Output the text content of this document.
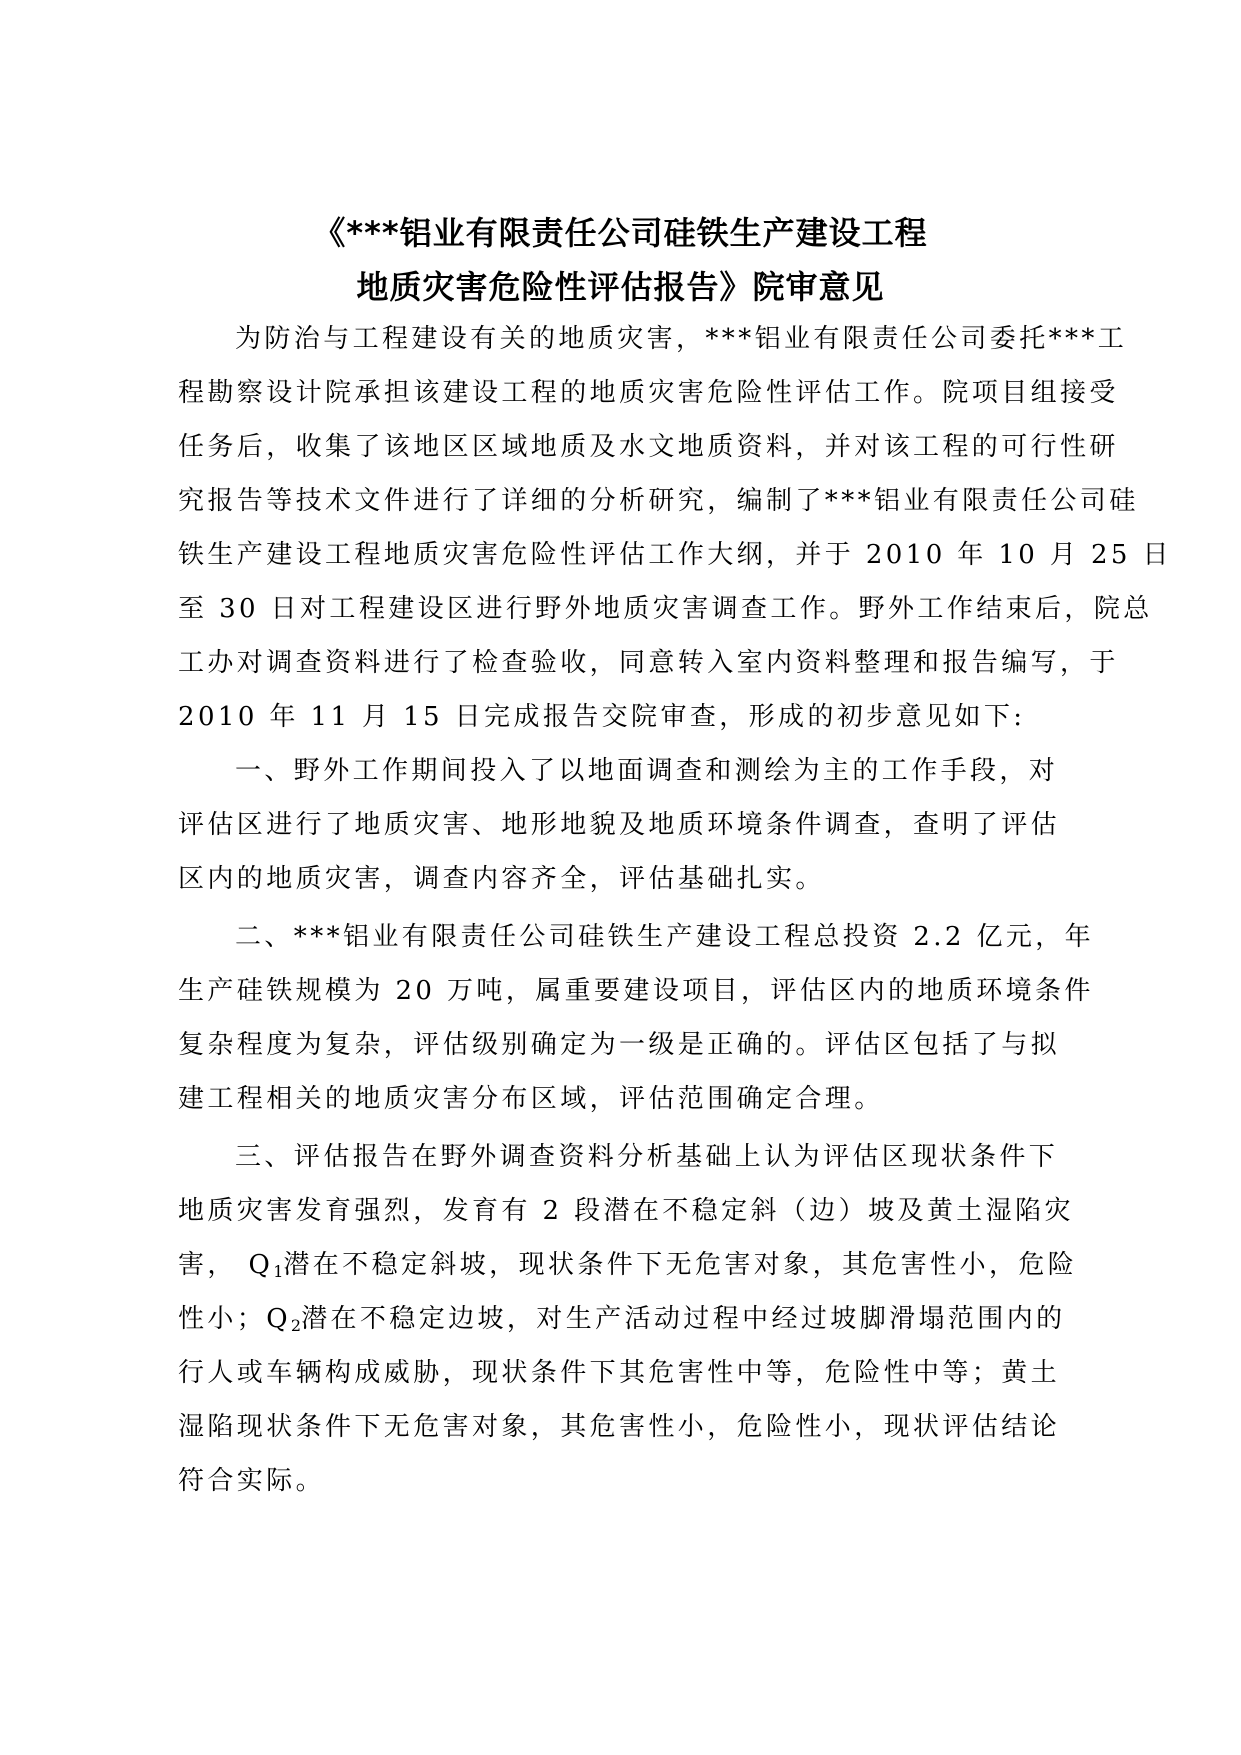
《***铝业有限责任公司硅铁生产建设工程
地质灾害危险性评估报告》院审意见
为防治与工程建设有关的地质灾害，***铝业有限责任公司委托***工
程勘察设计院承担该建设工程的地质灾害危险性评估工作。院项目组接受
任务后，收集了该地区区域地质及水文地质资料，并对该工程的可行性研
究报告等技术文件进行了详细的分析研究，编制了***铝业有限责任公司硅
铁生产建设工程地质灾害危险性评估工作大纲，并于 2010 年 10 月 25 日
至 30 日对工程建设区进行野外地质灾害调查工作。野外工作结束后，院总
工办对调查资料进行了检查验收，同意转入室内资料整理和报告编写，于
2010 年 11 月 15 日完成报告交院审查，形成的初步意见如下:
一、野外工作期间投入了以地面调查和测绘为主的工作手段，对
评估区进行了地质灾害、地形地貌及地质环境条件调查，查明了评估
区内的地质灾害，调查内容齐全，评估基础扎实。
二、***铝业有限责任公司硅铁生产建设工程总投资 2.2 亿元，年
生产硅铁规模为 20 万吨，属重要建设项目，评估区内的地质环境条件
复杂程度为复杂，评估级别确定为一级是正确的。评估区包括了与拟
建工程相关的地质灾害分布区域，评估范围确定合理。
三、评估报告在野外调查资料分析基础上认为评估区现状条件下
地质灾害发育强烈，发育有 2 段潜在不稳定斜（边）坡及黄土湿陷灾
害， $Q_1$潜在不稳定斜坡，现状条件下无危害对象，其危害性小，危险
性小；$Q_2$潜在不稳定边坡，对生产活动过程中经过坡脚滑塌范围内的
行人或车辆构成威胁，现状条件下其危害性中等，危险性中等；黄土
湿陷现状条件下无危害对象，其危害性小，危险性小，现状评估结论
符合实际。
